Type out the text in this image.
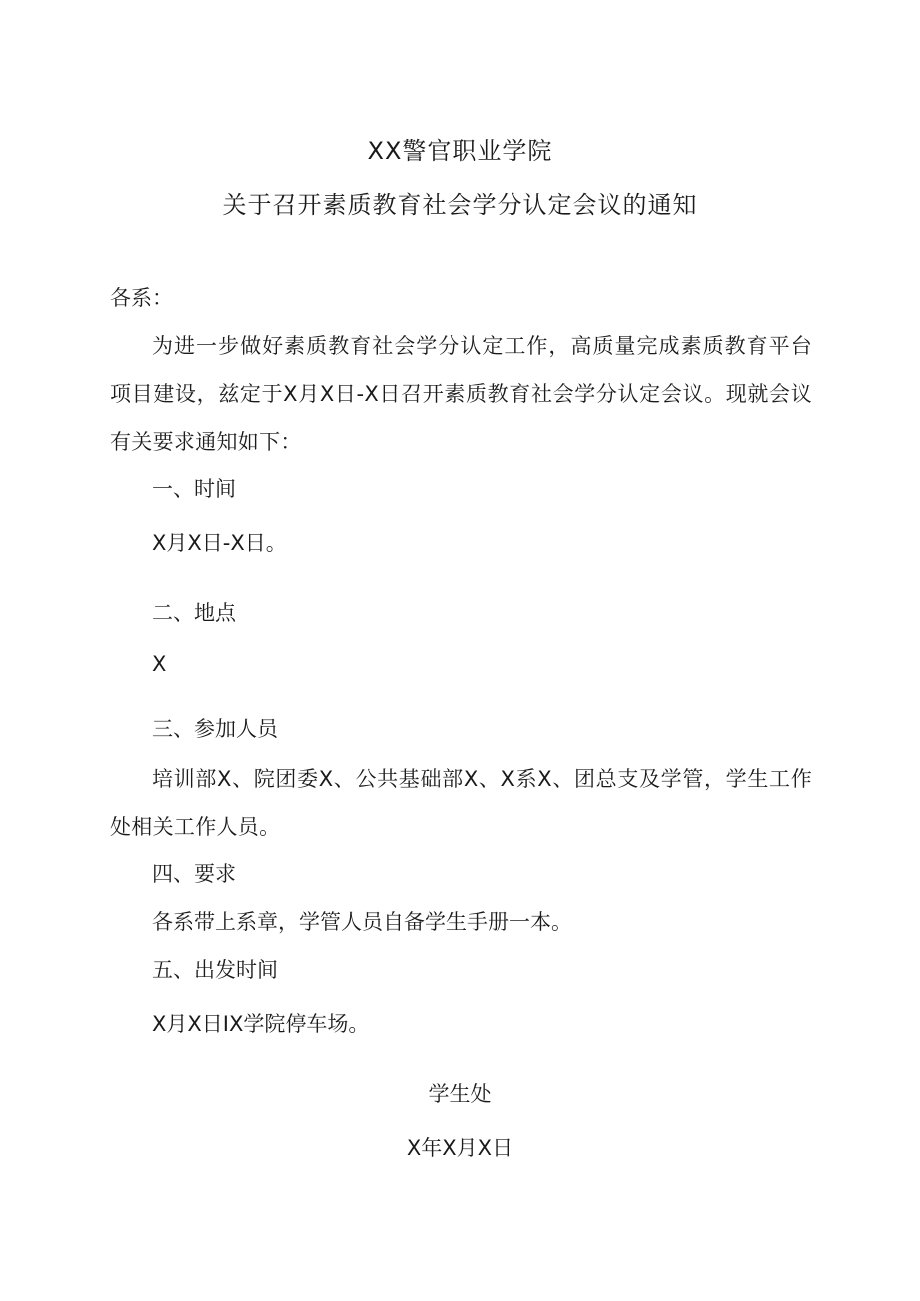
XX警官职业学院
关于召开素质教育社会学分认定会议的通知
各系：
为进一步做好素质教育社会学分认定工作，高质量完成素质教育平台项目建设，兹定于X月X日-X日召开素质教育社会学分认定会议。现就会议有关要求通知如下：
一、时间
X月X日-X日。
二、地点
X
三、参加人员
培训部X、院团委X、公共基础部X、X系X、团总支及学管，学生工作处相关工作人员。
四、要求
各系带上系章，学管人员自备学生手册一本。
五、出发时间
X月X日IX学院停车场。
学生处
X年X月X日
